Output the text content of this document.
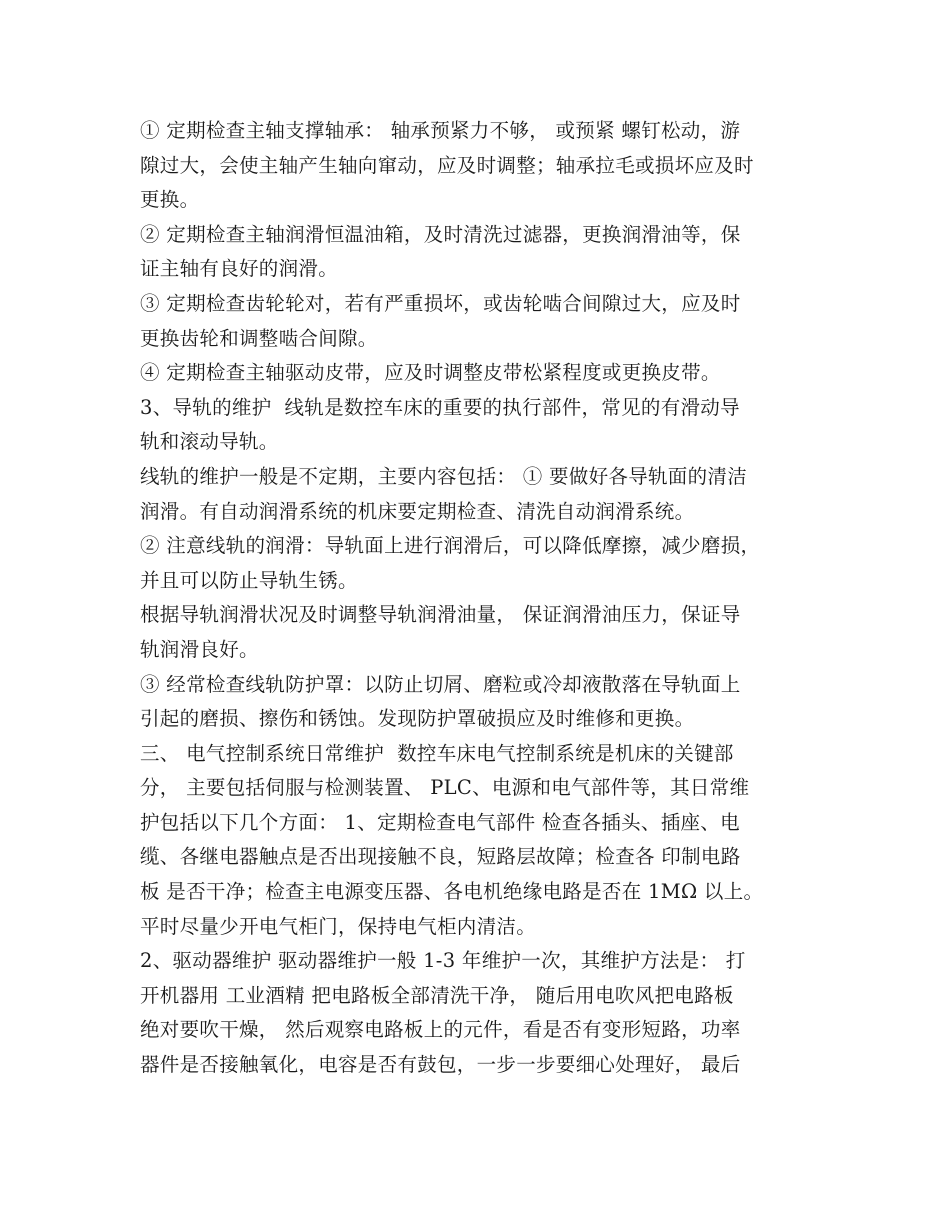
① 定期检查主轴支撑轴承： 轴承预紧力不够， 或预紧 螺钉松动，游
隙过大，会使主轴产生轴向窜动，应及时调整；轴承拉毛或损坏应及时
更换。
② 定期检查主轴润滑恒温油箱，及时清洗过滤器，更换润滑油等，保
证主轴有良好的润滑。
③ 定期检查齿轮轮对，若有严重损坏，或齿轮啮合间隙过大，应及时
更换齿轮和调整啮合间隙。
④ 定期检查主轴驱动皮带，应及时调整皮带松紧程度或更换皮带。
3、导轨的维护  线轨是数控车床的重要的执行部件，常见的有滑动导
轨和滚动导轨。
线轨的维护一般是不定期，主要内容包括： ① 要做好各导轨面的清洁
润滑。有自动润滑系统的机床要定期检查、清洗自动润滑系统。
② 注意线轨的润滑：导轨面上进行润滑后，可以降低摩擦，减少磨损，
并且可以防止导轨生锈。
根据导轨润滑状况及时调整导轨润滑油量， 保证润滑油压力，保证导
轨润滑良好。
③ 经常检查线轨防护罩：以防止切屑、磨粒或冷却液散落在导轨面上
引起的磨损、擦伤和锈蚀。发现防护罩破损应及时维修和更换。
三、 电气控制系统日常维护  数控车床电气控制系统是机床的关键部
分， 主要包括伺服与检测装置、 PLC、电源和电气部件等，其日常维
护包括以下几个方面： 1、定期检查电气部件 检查各插头、插座、电
缆、各继电器触点是否出现接触不良，短路层故障；检查各 印制电路
板 是否干净；检查主电源变压器、各电机绝缘电路是否在 1MΩ 以上。
平时尽量少开电气柜门，保持电气柜内清洁。
2、驱动器维护 驱动器维护一般 1-3 年维护一次，其维护方法是： 打
开机器用 工业酒精 把电路板全部清洗干净， 随后用电吹风把电路板
绝对要吹干燥， 然后观察电路板上的元件，看是否有变形短路，功率
器件是否接触氧化，电容是否有鼓包，一步一步要细心处理好， 最后
